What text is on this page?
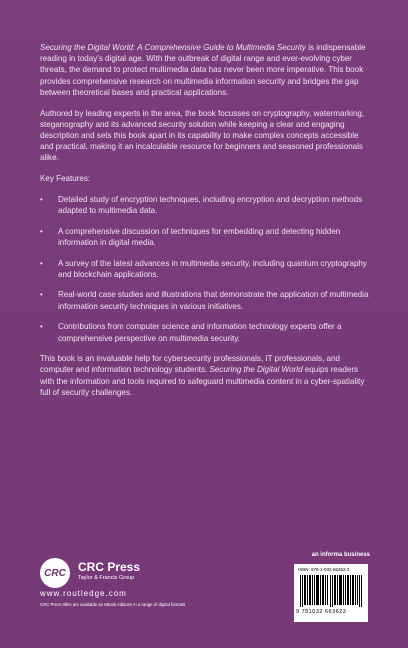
Securing the Digital World: A Comprehensive Guide to Multimedia Security is indispensable reading in today's digital age. With the outbreak of digital range and ever-evolving cyber threats, the demand to protect multimedia data has never been more imperative. This book provides comprehensive research on multimedia information security and bridges the gap between theoretical bases and practical applications.

Authored by leading experts in the area, the book focusses on cryptography, watermarking, steganography and its advanced security solution while keeping a clear and engaging description and sets this book apart in its capability to make complex concepts accessible and practical, making it an incalculable resource for beginners and seasoned professionals alike.

Key Features:

• Detailed study of encryption techniques, including encryption and decryption methods adapted to multimedia data.
• A comprehensive discussion of techniques for embedding and detecting hidden information in digital media.
• A survey of the latest advances in multimedia security, including quantum cryptography and blockchain applications.
• Real-world case studies and illustrations that demonstrate the application of multimedia information security techniques in various initiatives.
• Contributions from computer science and information technology experts offer a comprehensive perspective on multimedia security.

This book is an invaluable help for cybersecurity professionals, IT professionals, and computer and information technology students. Securing the Digital World equips readers with the information and tools required to safeguard multimedia content in a cyber-spatiality full of security challenges.

CRC	CRC Press
Taylor & Francis Group
www.routledge.com
CRC Press titles are available as eBook editions in a range of digital formats
an informa business
ISBN: 978-1-032-66362-3
9 781032 663623
